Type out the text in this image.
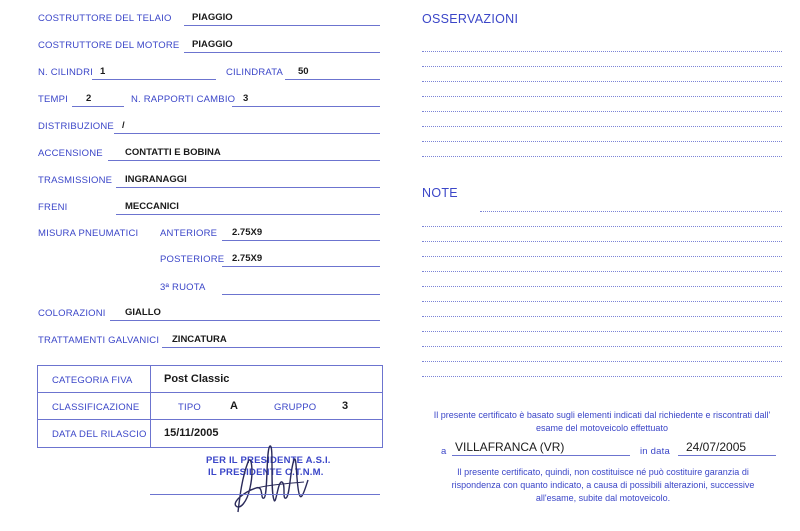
COSTRUTTORE DEL TELAIO PIAGGIO
COSTRUTTORE DEL MOTORE PIAGGIO
N. CILINDRI 1	CILINDRATA 50
TEMPI 2	N. RAPPORTI CAMBIO 3
DISTRIBUZIONE /
ACCENSIONE CONTATTI E BOBINA
TRASMISSIONE INGRANAGGI
FRENI	MECCANICI
MISURA PNEUMATICI ANTERIORE 2.75X9
POSTERIORE 2.75X9
3ª RUOTA
COLORAZIONI GIALLO
TRATTAMENTI GALVANICI ZINCATURA
CATEGORIA FIVA	Post Classic
CLASSIFICAZIONE	TIPO	A	GRUPPO 3
DATA DEL RILASCIO 15/11/2005
PER IL PRESIDENTE A.S.I.
IL PRESIDENTE C.T.N.M.
OSSERVAZIONI
NOTE
Il presente certificato è basato sugli elementi indicati dal richiedente e riscontrati dall' esame del motoveicolo effettuato
a VILLAFRANCA (VR)	in data 24/07/2005
Il presente certificato, quindi, non costituisce né può costituire garanzia di rispondenza con quanto indicato, a causa di possibili alterazioni, successive all'esame, subite dal motoveicolo.
